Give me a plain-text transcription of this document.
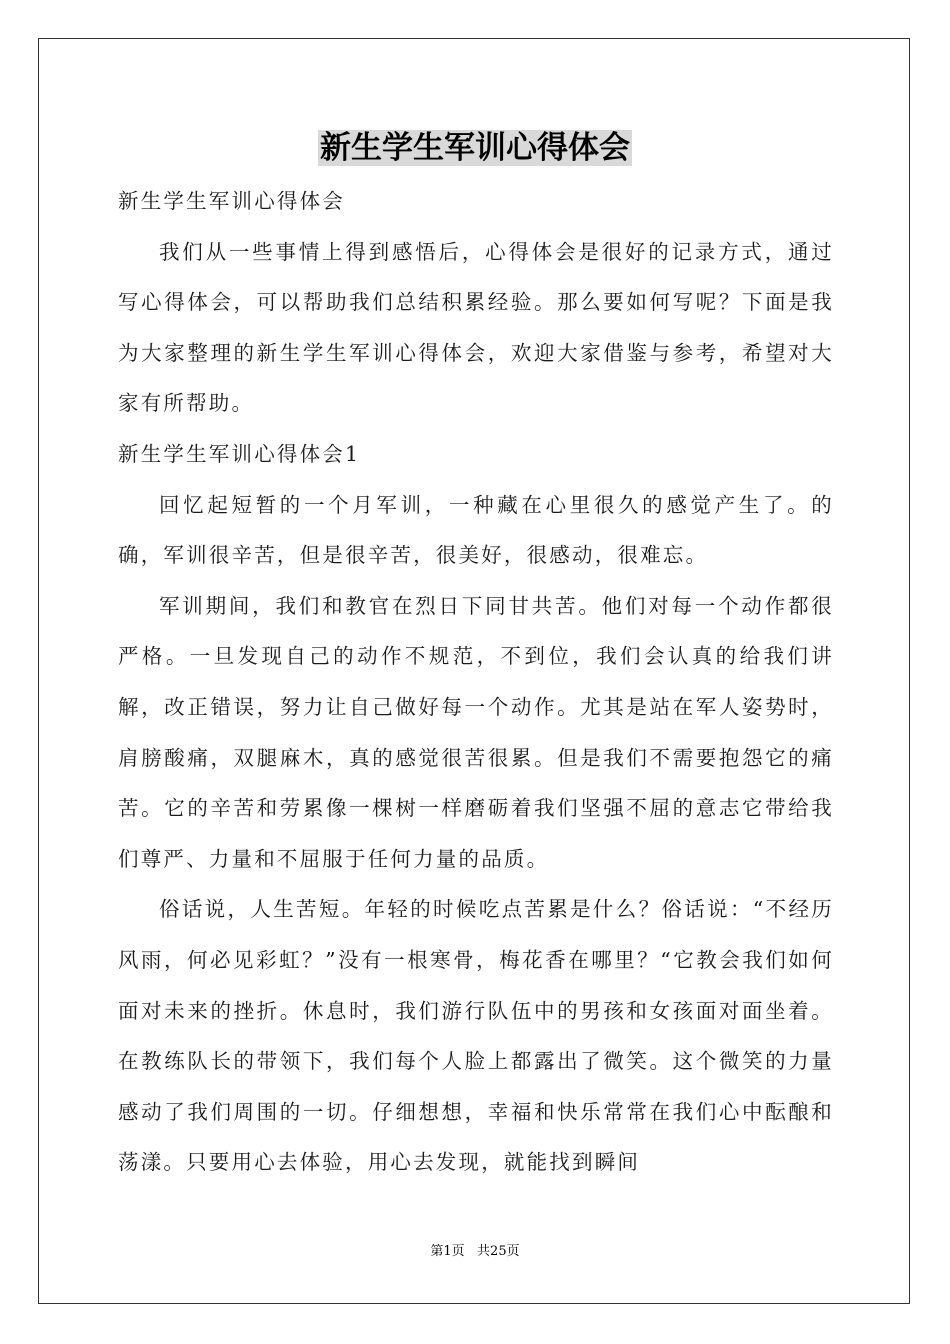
新生学生军训心得体会

新生学生军训心得体会

我们从一些事情上得到感悟后，心得体会是很好的记录方式，通过写心得体会，可以帮助我们总结积累经验。那么要如何写呢？下面是我为大家整理的新生学生军训心得体会，欢迎大家借鉴与参考，希望对大家有所帮助。

新生学生军训心得体会1

回忆起短暂的一个月军训，一种藏在心里很久的感觉产生了。的确，军训很辛苦，但是很辛苦，很美好，很感动，很难忘。

军训期间，我们和教官在烈日下同甘共苦。他们对每一个动作都很严格。一旦发现自己的动作不规范，不到位，我们会认真的给我们讲解，改正错误，努力让自己做好每一个动作。尤其是站在军人姿势时，肩膀酸痛，双腿麻木，真的感觉很苦很累。但是我们不需要抱怨它的痛苦。它的辛苦和劳累像一棵树一样磨砺着我们坚强不屈的意志它带给我们尊严、力量和不屈服于任何力量的品质。

俗话说，人生苦短。年轻的时候吃点苦累是什么？俗话说：“不经历风雨，何必见彩虹？”没有一根寒骨，梅花香在哪里？“它教会我们如何面对未来的挫折。休息时，我们游行队伍中的男孩和女孩面对面坐着。在教练队长的带领下，我们每个人脸上都露出了微笑。这个微笑的力量感动了我们周围的一切。仔细想想，幸福和快乐常常在我们心中酝酿和荡漾。只要用心去体验，用心去发现，就能找到瞬间

第1页   共25页
